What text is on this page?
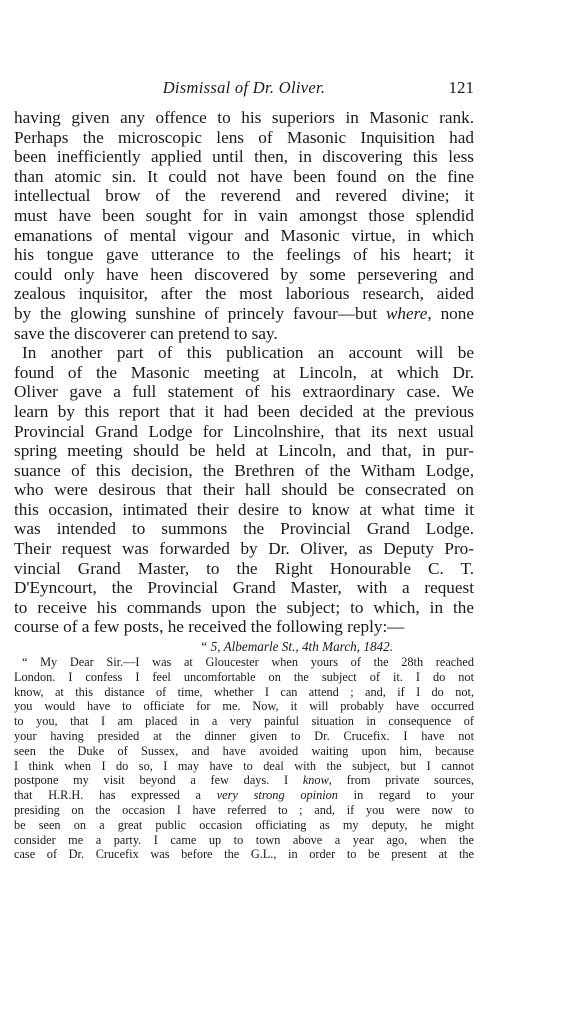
Dismissal of Dr. Oliver.	121
having given any offence to his superiors in Masonic rank.
Perhaps the microscopic lens of Masonic Inquisition had
been inefficiently applied until then, in discovering this less
than atomic sin. It could not have been found on the fine
intellectual brow of the reverend and revered divine; it
must have been sought for in vain amongst those splendid
emanations of mental vigour and Masonic virtue, in which
his tongue gave utterance to the feelings of his heart; it
could only have heen discovered by some persevering and
zealous inquisitor, after the most laborious research, aided
by the glowing sunshine of princely favour—but where, none
save the discoverer can pretend to say.
In another part of this publication an account will be
found of the Masonic meeting at Lincoln, at which Dr.
Oliver gave a full statement of his extraordinary case. We
learn by this report that it had been decided at the previous
Provincial Grand Lodge for Lincolnshire, that its next usual
spring meeting should be held at Lincoln, and that, in pur-
suance of this decision, the Brethren of the Witham Lodge,
who were desirous that their hall should be consecrated on
this occasion, intimated their desire to know at what time it
was intended to summons the Provincial Grand Lodge.
Their request was forwarded by Dr. Oliver, as Deputy Pro-
vincial Grand Master, to the Right Honourable C. T.
D'Eyncourt, the Provincial Grand Master, with a request
to receive his commands upon the subject; to which, in the
course of a few posts, he received the following reply:—
“ 5, Albemarle St., 4th March, 1842.
“ My Dear Sir.—I was at Gloucester when yours of the 28th reached
London. I confess I feel uncomfortable on the subject of it. I do not
know, at this distance of time, whether I can attend ; and, if I do not,
you would have to officiate for me. Now, it will probably have occurred
to you, that I am placed in a very painful situation in consequence of
your having presided at the dinner given to Dr. Crucefix. I have not
seen the Duke of Sussex, and have avoided waiting upon him, because
I think when I do so, I may have to deal with the subject, but I cannot
postpone my visit beyond a few days. I know, from private sources,
that H.R.H. has expressed a very strong opinion in regard to your
presiding on the occasion I have referred to ; and, if you were now to
be seen on a great public occasion officiating as my deputy, he might
consider me a party. I came up to town above a year ago, when the
case of Dr. Crucefix was before the G.L., in order to be present at the
